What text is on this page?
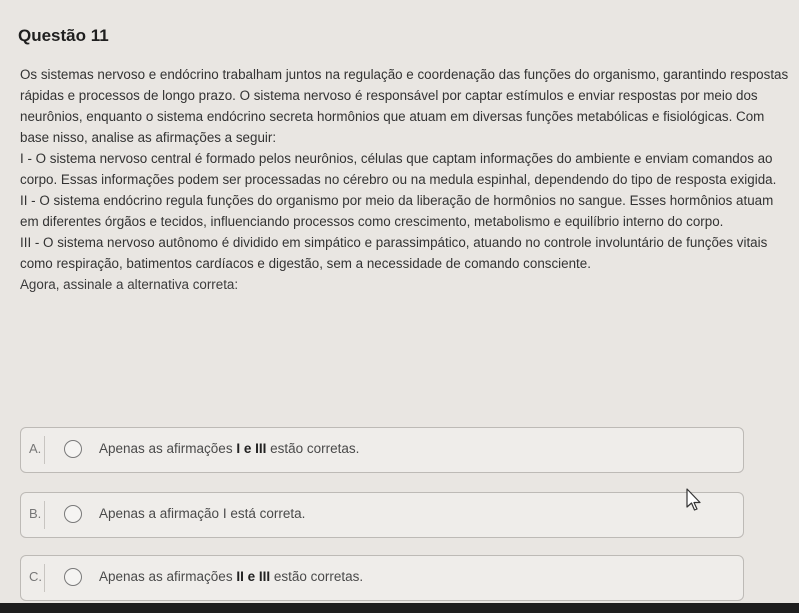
Questão 11

Os sistemas nervoso e endócrino trabalham juntos na regulação e coordenação das funções do organismo, garantindo respostas rápidas e processos de longo prazo. O sistema nervoso é responsável por captar estímulos e enviar respostas por meio dos neurônios, enquanto o sistema endócrino secreta hormônios que atuam em diversas funções metabólicas e fisiológicas. Com base nisso, analise as afirmações a seguir:

I - O sistema nervoso central é formado pelos neurônios, células que captam informações do ambiente e enviam comandos ao corpo. Essas informações podem ser processadas no cérebro ou na medula espinhal, dependendo do tipo de resposta exigida.

II - O sistema endócrino regula funções do organismo por meio da liberação de hormônios no sangue. Esses hormônios atuam em diferentes órgãos e tecidos, influenciando processos como crescimento, metabolismo e equilíbrio interno do corpo.

III - O sistema nervoso autônomo é dividido em simpático e parassimpático, atuando no controle involuntário de funções vitais como respiração, batimentos cardíacos e digestão, sem a necessidade de comando consciente.

Agora, assinale a alternativa correta:

A.	Apenas as afirmações I e III estão corretas.
B.	Apenas a afirmação I está correta.
C.	Apenas as afirmações II e III estão corretas.
